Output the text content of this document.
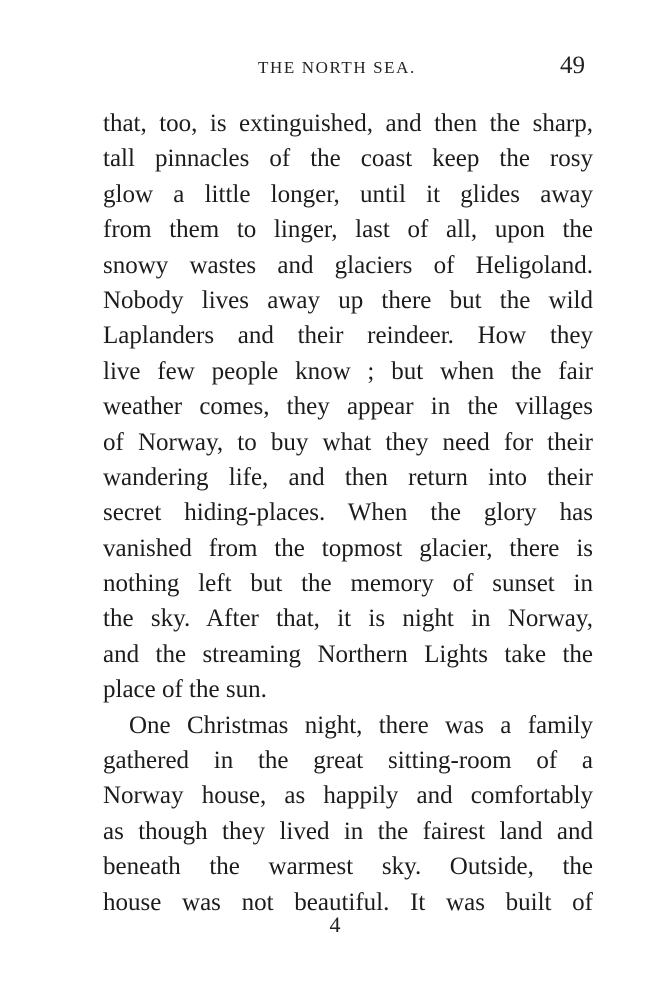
THE NORTH SEA.	49
that, too, is extinguished, and then the sharp,
tall pinnacles of the coast keep the rosy
glow a little longer, until it glides away
from them to linger, last of all, upon the
snowy wastes and glaciers of Heligoland.
Nobody lives away up there but the wild
Laplanders and their reindeer. How they
live few people know ; but when the fair
weather comes, they appear in the villages
of Norway, to buy what they need for their
wandering life, and then return into their
secret hiding-places. When the glory has
vanished from the topmost glacier, there is
nothing left but the memory of sunset in
the sky. After that, it is night in Norway,
and the streaming Northern Lights take the
place of the sun.
One Christmas night, there was a family
gathered in the great sitting-room of a
Norway house, as happily and comfortably
as though they lived in the fairest land and
beneath the warmest sky. Outside, the
house was not beautiful. It was built of
4
